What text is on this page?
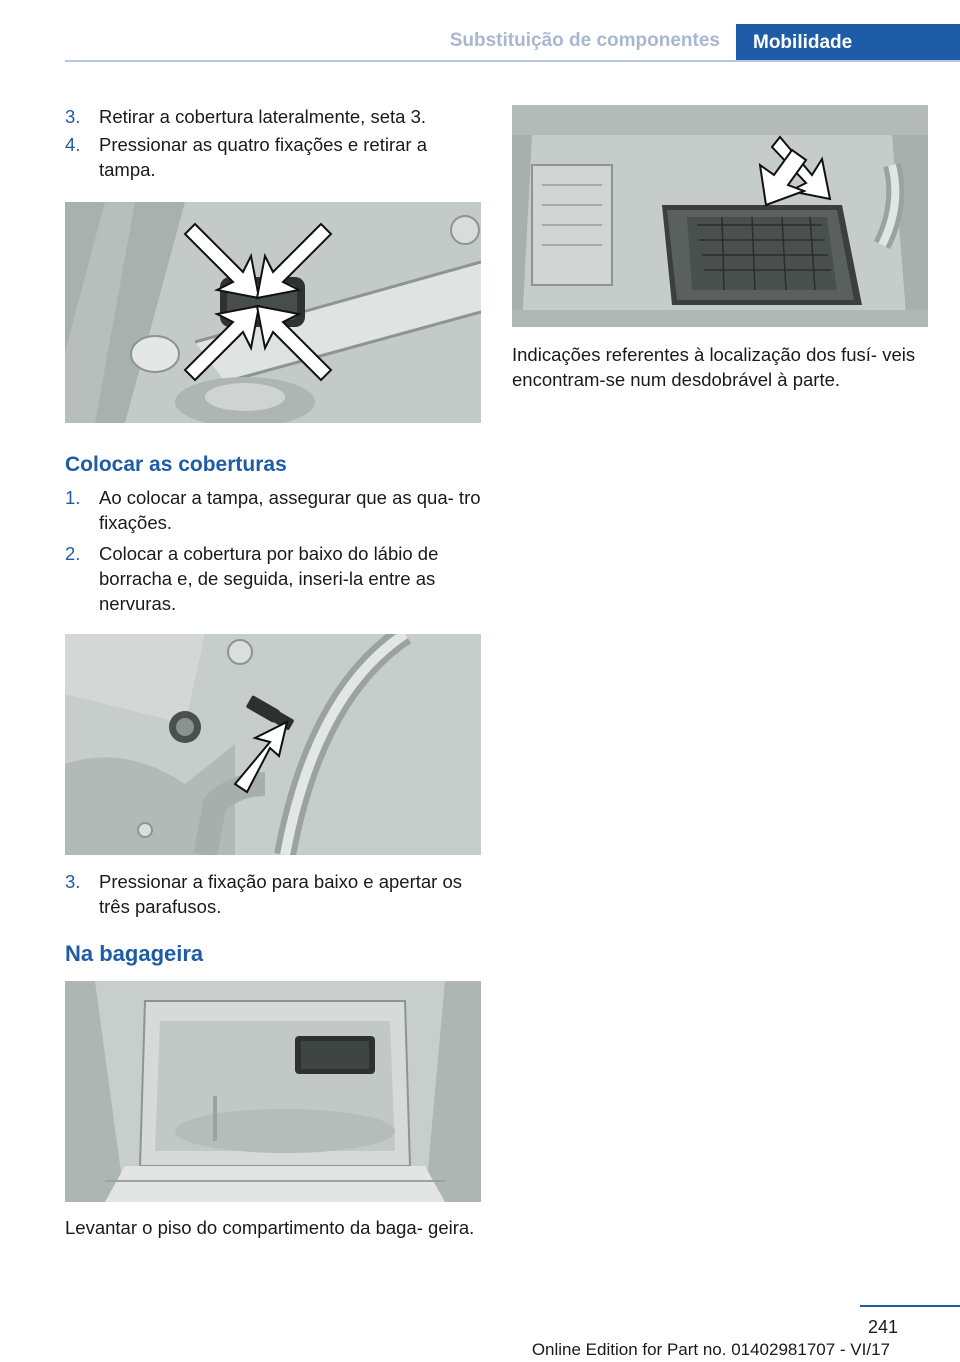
Substituição de componentes Mobilidade
3. Retirar a cobertura lateralmente, seta 3.
4. Pressionar as quatro fixações e retirar a tampa.
Colocar as coberturas
1. Ao colocar a tampa, assegurar que as qua‐ tro fixações.
2. Colocar a cobertura por baixo do lábio de borracha e, de seguida, inseri-la entre as nervuras.
3. Pressionar a fixação para baixo e apertar os três parafusos.
Na bagageira
Levantar o piso do compartimento da baga‐ geira.
Indicações referentes à localização dos fusí‐ veis encontram-se num desdobrável à parte.
241
Online Edition for Part no. 01402981707 - VI/17
